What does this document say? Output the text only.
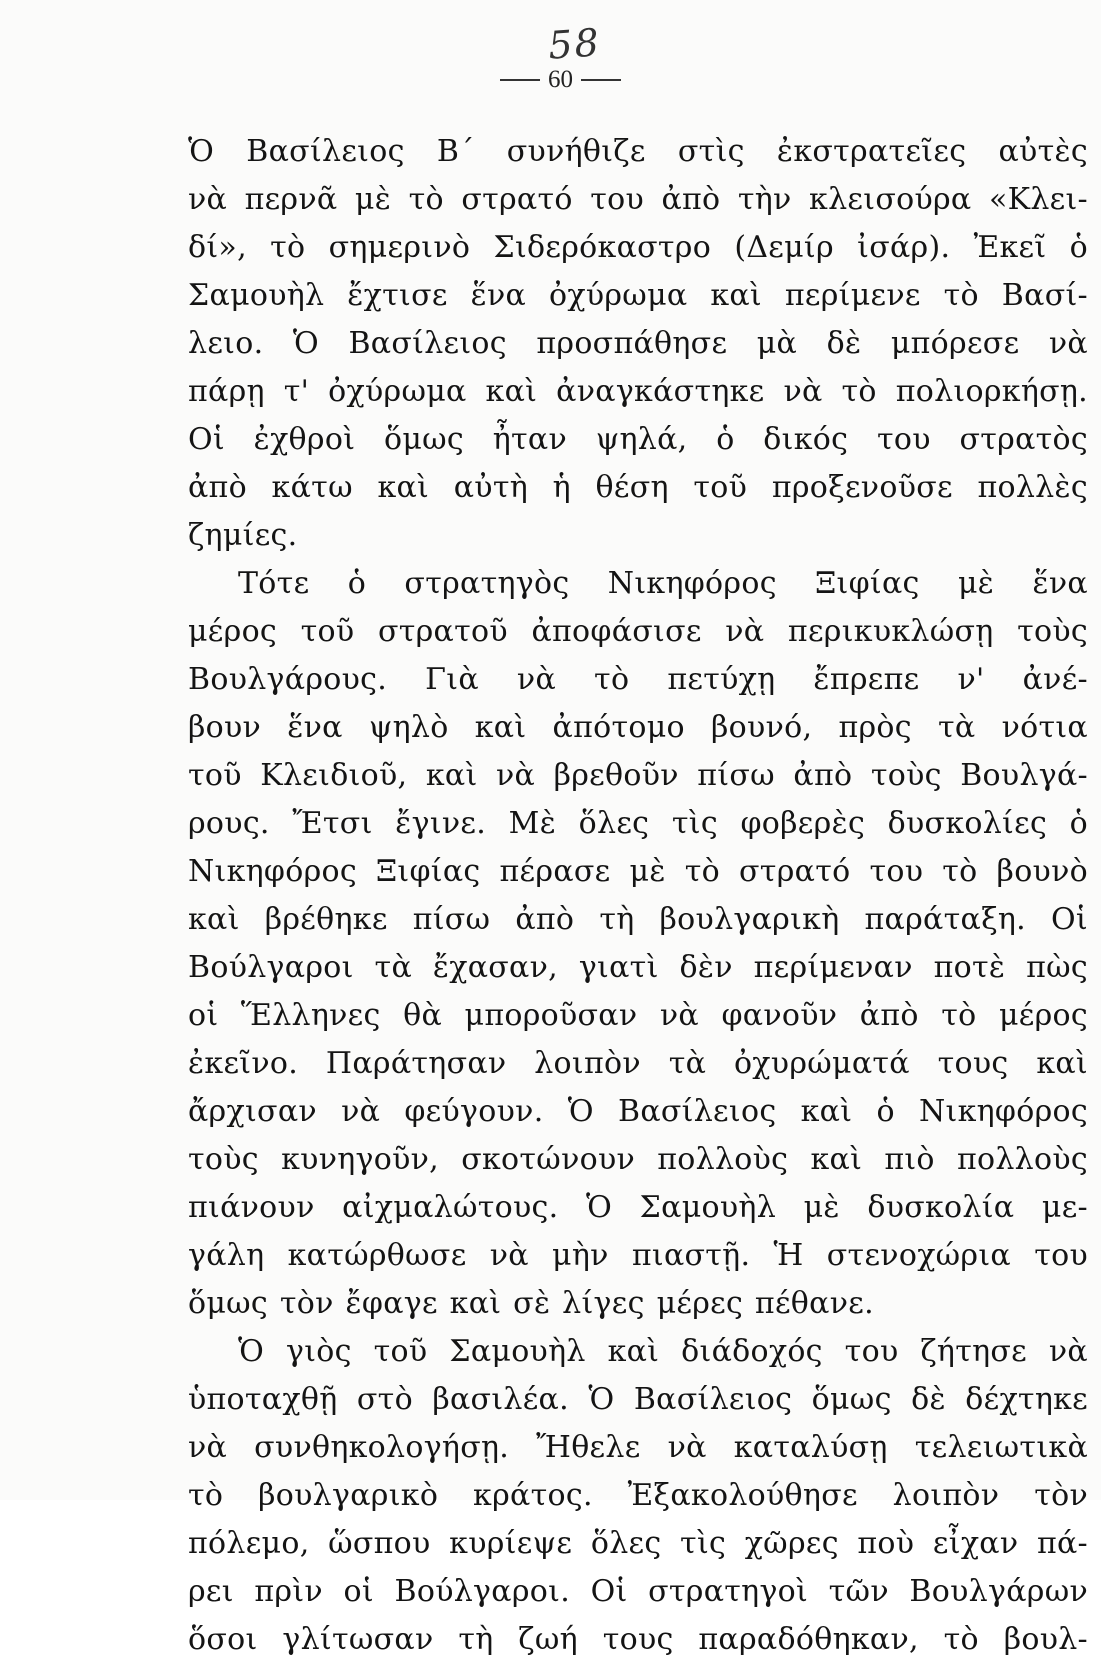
58
60
Ὁ Βασίλειος Β΄ συνήθιζε στὶς ἐκστρατεῖες αὐτὲς
νὰ περνᾶ μὲ τὸ στρατό του ἀπὸ τὴν κλεισούρα «Κλει-
δί», τὸ σημερινὸ Σιδερόκαστρο (Δεμίρ ἰσάρ). Ἐκεῖ ὁ
Σαμουὴλ ἔχτισε ἕνα ὀχύρωμα καὶ περίμενε τὸ Βασί-
λειο. Ὁ Βασίλειος προσπάθησε μὰ δὲ μπόρεσε νὰ
πάρῃ τ' ὀχύρωμα καὶ ἀναγκάστηκε νὰ τὸ πολιορκήσῃ.
Οἱ ἐχθροὶ ὅμως ἦταν ψηλά, ὁ δικός του στρατὸς
ἀπὸ κάτω καὶ αὐτὴ ἡ θέση τοῦ προξενοῦσε πολλὲς
ζημίες.
Τότε ὁ στρατηγὸς Νικηφόρος Ξιφίας μὲ ἕνα
μέρος τοῦ στρατοῦ ἀποφάσισε νὰ περικυκλώσῃ τοὺς
Βουλγάρους. Γιὰ νὰ τὸ πετύχῃ ἔπρεπε ν' ἀνέ-
βουν ἕνα ψηλὸ καὶ ἀπότομο βουνό, πρὸς τὰ νότια
τοῦ Κλειδιοῦ, καὶ νὰ βρεθοῦν πίσω ἀπὸ τοὺς Βουλγά-
ρους. Ἔτσι ἔγινε. Μὲ ὅλες τὶς φοβερὲς δυσκολίες ὁ
Νικηφόρος Ξιφίας πέρασε μὲ τὸ στρατό του τὸ βουνὸ
καὶ βρέθηκε πίσω ἀπὸ τὴ βουλγαρικὴ παράταξη. Οἱ
Βούλγαροι τὰ ἔχασαν, γιατὶ δὲν περίμεναν ποτὲ πὼς
οἱ Ἕλληνες θὰ μποροῦσαν νὰ φανοῦν ἀπὸ τὸ μέρος
ἐκεῖνο. Παράτησαν λοιπὸν τὰ ὀχυρώματά τους καὶ
ἄρχισαν νὰ φεύγουν. Ὁ Βασίλειος καὶ ὁ Νικηφόρος
τοὺς κυνηγοῦν, σκοτώνουν πολλοὺς καὶ πιὸ πολλοὺς
πιάνουν αἰχμαλώτους. Ὁ Σαμουὴλ μὲ δυσκολία με-
γάλη κατώρθωσε νὰ μὴν πιαστῇ. Ἡ στενοχώρια του
ὅμως τὸν ἔφαγε καὶ σὲ λίγες μέρες πέθανε.
Ὁ γιὸς τοῦ Σαμουὴλ καὶ διάδοχός του ζήτησε νὰ
ὑποταχθῇ στὸ βασιλέα. Ὁ Βασίλειος ὅμως δὲ δέχτηκε
νὰ συνθηκολογήσῃ. Ἤθελε νὰ καταλύσῃ τελειωτικὰ
τὸ βουλγαρικὸ κράτος. Ἐξακολούθησε λοιπὸν τὸν
πόλεμο, ὥσπου κυρίεψε ὅλες τὶς χῶρες ποὺ εἶχαν πά-
ρει πρὶν οἱ Βούλγαροι. Οἱ στρατηγοὶ τῶν Βουλγάρων
ὅσοι γλίτωσαν τὴ ζωή τους παραδόθηκαν, τὸ βουλ-
